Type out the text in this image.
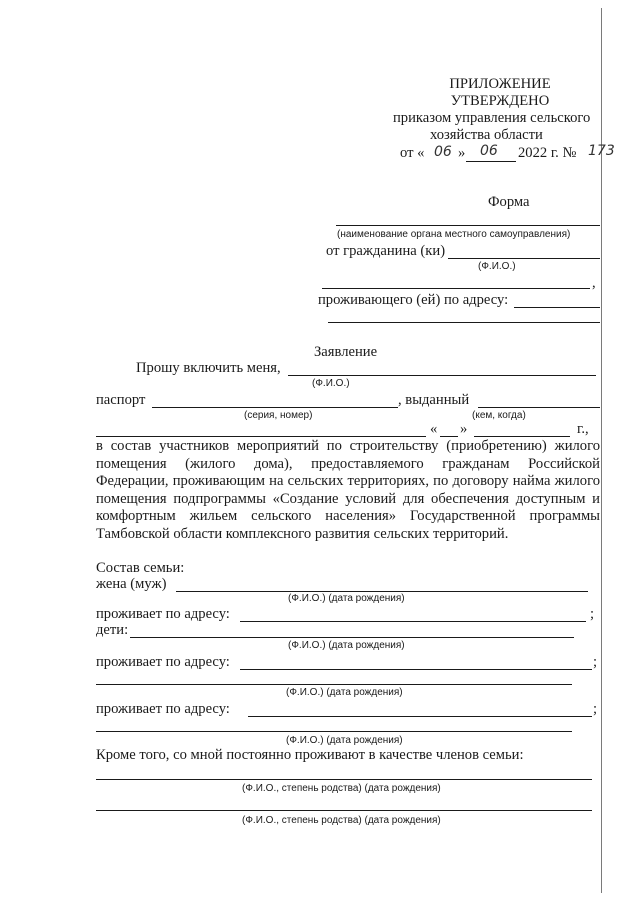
ПРИЛОЖЕНИЕ
УТВЕРЖДЕНО
приказом управления сельского
хозяйства области
от « 06 » 06 2022 г. № 173
Форма
(наименование органа местного самоуправления)
от гражданина (ки)
(Ф.И.О.)
,
проживающего (ей) по адресу:
Заявление
Прошу включить меня,
(Ф.И.О.)
паспорт	, выданный
(серия, номер)	(кем, когда)
« »	г.,
в состав участников мероприятий по строительству (приобретению) жилого помещения (жилого дома), предоставляемого гражданам Российской Федерации, проживающим на сельских территориях, по договору найма жилого помещения подпрограммы «Создание условий для обеспечения доступным и комфортным жильем сельского населения» Государственной программы Тамбовской области комплексного развития сельских территорий.
Состав семьи:
жена (муж)
(Ф.И.О.) (дата рождения)
проживает по адресу:	;
дети:
(Ф.И.О.) (дата рождения)
проживает по адресу:	;
(Ф.И.О.) (дата рождения)
проживает по адресу:	;
(Ф.И.О.) (дата рождения)
Кроме того, со мной постоянно проживают в качестве членов семьи:
(Ф.И.О., степень родства) (дата рождения)
(Ф.И.О., степень родства) (дата рождения)
